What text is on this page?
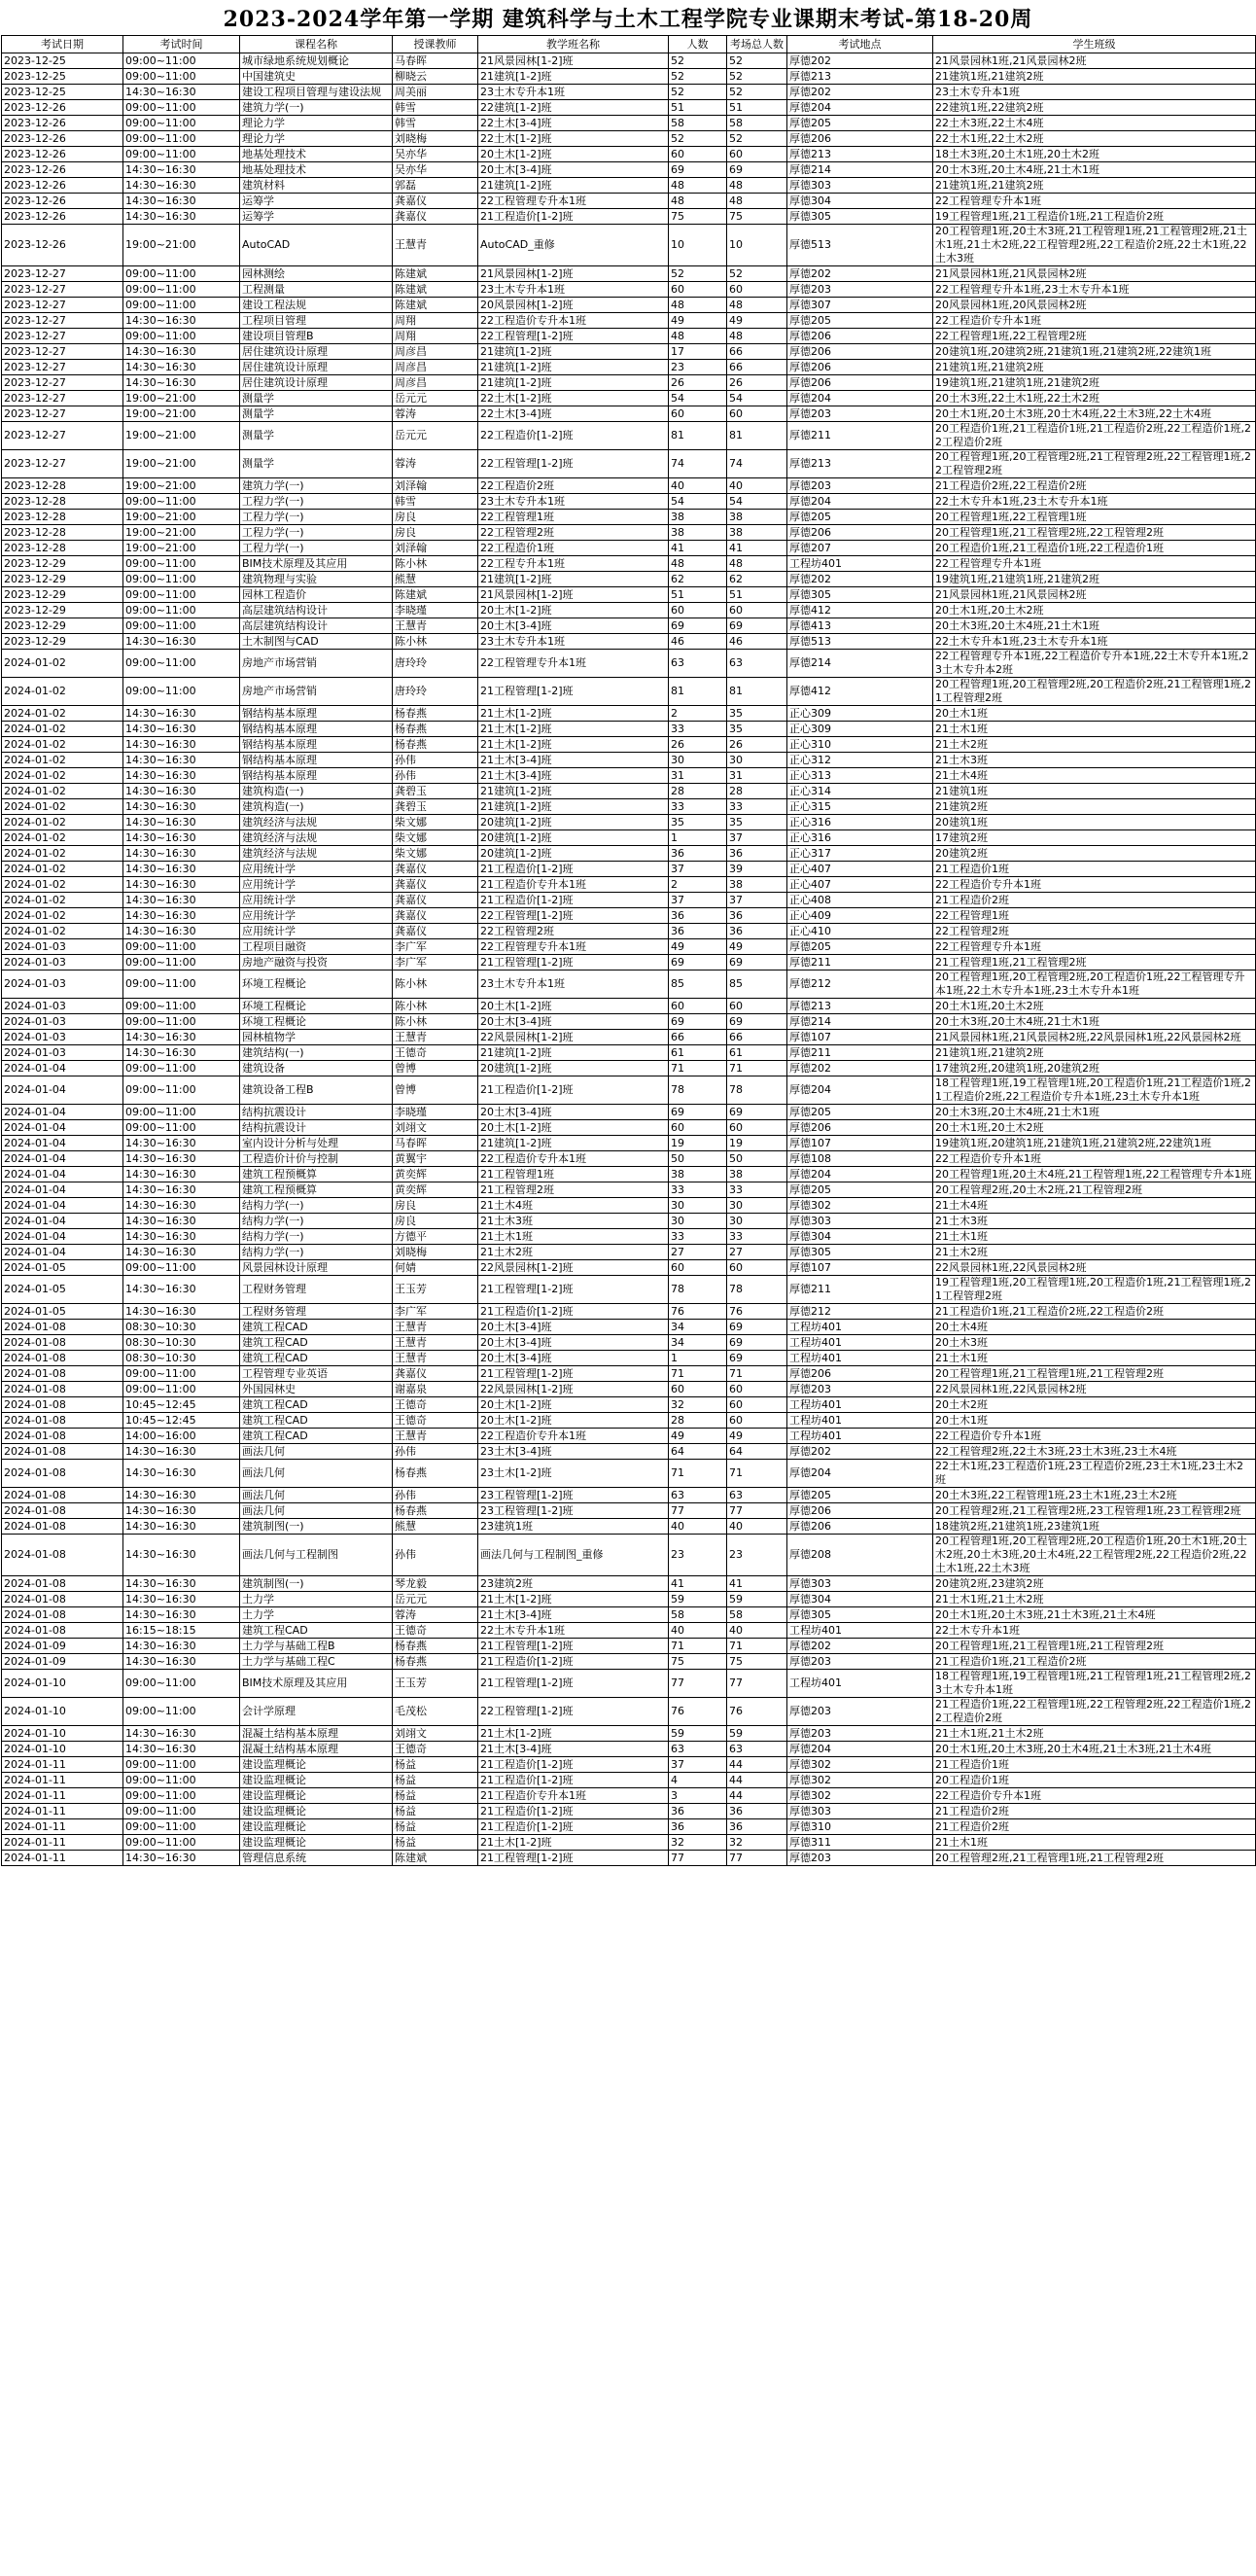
2023-2024学年第一学期 建筑科学与土木工程学院专业课期末考试-第18-20周
考试日期	考试时间	课程名称	授课教师	教学班名称	人数	考场总人数	考试地点	学生班级
2023-12-25	09:00~11:00	城市绿地系统规划概论	马春晖	21风景园林[1-2]班	52	52	厚德202	21风景园林1班,21风景园林2班
2023-12-25	09:00~11:00	中国建筑史	柳晓云	21建筑[1-2]班	52	52	厚德213	21建筑1班,21建筑2班
2023-12-25	14:30~16:30	建设工程项目管理与建设法规	周美丽	23土木专升本1班	52	52	厚德202	23土木专升本1班
2023-12-26	09:00~11:00	建筑力学(一)	韩雪	22建筑[1-2]班	51	51	厚德204	22建筑1班,22建筑2班
2023-12-26	09:00~11:00	理论力学	韩雪	22土木[3-4]班	58	58	厚德205	22土木3班,22土木4班
2023-12-26	09:00~11:00	理论力学	刘晓梅	22土木[1-2]班	52	52	厚德206	22土木1班,22土木2班
2023-12-26	09:00~11:00	地基处理技术	吴亦华	20土木[1-2]班	60	60	厚德213	18土木3班,20土木1班,20土木2班
2023-12-26	14:30~16:30	地基处理技术	吴亦华	20土木[3-4]班	69	69	厚德214	20土木3班,20土木4班,21土木1班
2023-12-26	14:30~16:30	建筑材料	郭磊	21建筑[1-2]班	48	48	厚德303	21建筑1班,21建筑2班
2023-12-26	14:30~16:30	运筹学	龚嘉仪	22工程管理专升本1班	48	48	厚德304	22工程管理专升本1班
2023-12-26	14:30~16:30	运筹学	龚嘉仪	21工程造价[1-2]班	75	75	厚德305	19工程管理1班,21工程造价1班,21工程造价2班
2023-12-26	19:00~21:00	AutoCAD	王慧青	AutoCAD_重修	10	10	厚德513	20工程管理1班,20土木3班,21工程管理1班,21工程管理2班,21土木1班,21土木2班,22工程管理2班,22工程造价2班,22土木1班,22土木3班
2023-12-27	09:00~11:00	园林测绘	陈建斌	21风景园林[1-2]班	52	52	厚德202	21风景园林1班,21风景园林2班
2023-12-27	09:00~11:00	工程测量	陈建斌	23土木专升本1班	60	60	厚德203	22工程管理专升本1班,23土木专升本1班
2023-12-27	09:00~11:00	建设工程法规	陈建斌	20风景园林[1-2]班	48	48	厚德307	20风景园林1班,20风景园林2班
2023-12-27	14:30~16:30	工程项目管理	周翔	22工程造价专升本1班	49	49	厚德205	22工程造价专升本1班
2023-12-27	09:00~11:00	建设项目管理B	周翔	22工程管理[1-2]班	48	48	厚德206	22工程管理1班,22工程管理2班
2023-12-27	14:30~16:30	居住建筑设计原理	周彦昌	21建筑[1-2]班	17	66	厚德206	20建筑1班,20建筑2班,21建筑1班,21建筑2班,22建筑1班
2023-12-27	14:30~16:30	居住建筑设计原理	周彦昌	21建筑[1-2]班	23	66	厚德206	21建筑1班,21建筑2班
2023-12-27	14:30~16:30	居住建筑设计原理	周彦昌	21建筑[1-2]班	26	26	厚德206	19建筑1班,21建筑1班,21建筑2班
2023-12-27	19:00~21:00	测量学	岳元元	22土木[1-2]班	54	54	厚德204	20土木3班,22土木1班,22土木2班
2023-12-27	19:00~21:00	测量学	蓉涛	22土木[3-4]班	60	60	厚德203	20土木1班,20土木3班,20土木4班,22土木3班,22土木4班
2023-12-27	19:00~21:00	测量学	岳元元	22工程造价[1-2]班	81	81	厚德211	20工程造价1班,21工程造价1班,21工程造价2班,22工程造价1班,22工程造价2班
2023-12-27	19:00~21:00	测量学	蓉涛	22工程管理[1-2]班	74	74	厚德213	20工程管理1班,20工程管理2班,21工程管理2班,22工程管理1班,22工程管理2班
2023-12-28	19:00~21:00	建筑力学(一)	刘泽翰	22工程造价2班	40	40	厚德203	21工程造价2班,22工程造价2班
2023-12-28	09:00~11:00	工程力学(一)	韩雪	23土木专升本1班	54	54	厚德204	22土木专升本1班,23土木专升本1班
2023-12-28	19:00~21:00	工程力学(一)	房良	22工程管理1班	38	38	厚德205	20工程管理1班,22工程管理1班
2023-12-28	19:00~21:00	工程力学(一)	房良	22工程管理2班	38	38	厚德206	20工程管理1班,21工程管理2班,22工程管理2班
2023-12-28	19:00~21:00	工程力学(一)	刘泽翰	22工程造价1班	41	41	厚德207	20工程造价1班,21工程造价1班,22工程造价1班
2023-12-29	09:00~11:00	BIM技术原理及其应用	陈小林	22工程专升本1班	48	48	工程坊401	22工程管理专升本1班
2023-12-29	09:00~11:00	建筑物理与实验	熊慧	21建筑[1-2]班	62	62	厚德202	19建筑1班,21建筑1班,21建筑2班
2023-12-29	09:00~11:00	园林工程造价	陈建斌	21风景园林[1-2]班	51	51	厚德305	21风景园林1班,21风景园林2班
2023-12-29	09:00~11:00	高层建筑结构设计	李晓瑾	20土木[1-2]班	60	60	厚德412	20土木1班,20土木2班
2023-12-29	09:00~11:00	高层建筑结构设计	王慧青	20土木[3-4]班	69	69	厚德413	20土木3班,20土木4班,21土木1班
2023-12-29	14:30~16:30	土木制图与CAD	陈小林	23土木专升本1班	46	46	厚德513	22土木专升本1班,23土木专升本1班
2024-01-02	09:00~11:00	房地产市场营销	唐玲玲	22工程管理专升本1班	63	63	厚德214	22工程管理专升本1班,22工程造价专升本1班,22土木专升本1班,23土木专升本2班
2024-01-02	09:00~11:00	房地产市场营销	唐玲玲	21工程管理[1-2]班	81	81	厚德412	20工程管理1班,20工程管理2班,20工程造价2班,21工程管理1班,21工程管理2班
2024-01-02	14:30~16:30	钢结构基本原理	杨春燕	21土木[1-2]班	2	35	正心309	20土木1班
2024-01-02	14:30~16:30	钢结构基本原理	杨春燕	21土木[1-2]班	33	35	正心309	21土木1班
2024-01-02	14:30~16:30	钢结构基本原理	杨春燕	21土木[1-2]班	26	26	正心310	21土木2班
2024-01-02	14:30~16:30	钢结构基本原理	孙伟	21土木[3-4]班	30	30	正心312	21土木3班
2024-01-02	14:30~16:30	钢结构基本原理	孙伟	21土木[3-4]班	31	31	正心313	21土木4班
2024-01-02	14:30~16:30	建筑构造(一)	龚碧玉	21建筑[1-2]班	28	28	正心314	21建筑1班
2024-01-02	14:30~16:30	建筑构造(一)	龚碧玉	21建筑[1-2]班	33	33	正心315	21建筑2班
2024-01-02	14:30~16:30	建筑经济与法规	柴文娜	20建筑[1-2]班	35	35	正心316	20建筑1班
2024-01-02	14:30~16:30	建筑经济与法规	柴文娜	20建筑[1-2]班	1	37	正心316	17建筑2班
2024-01-02	14:30~16:30	建筑经济与法规	柴文娜	20建筑[1-2]班	36	36	正心317	20建筑2班
2024-01-02	14:30~16:30	应用统计学	龚嘉仪	21工程造价[1-2]班	37	39	正心407	21工程造价1班
2024-01-02	14:30~16:30	应用统计学	龚嘉仪	21工程造价专升本1班	2	38	正心407	22工程造价专升本1班
2024-01-02	14:30~16:30	应用统计学	龚嘉仪	21工程造价[1-2]班	37	37	正心408	21工程造价2班
2024-01-02	14:30~16:30	应用统计学	龚嘉仪	22工程管理[1-2]班	36	36	正心409	22工程管理1班
2024-01-02	14:30~16:30	应用统计学	龚嘉仪	22工程管理2班	36	36	正心410	22工程管理2班
2024-01-03	09:00~11:00	工程项目融资	李广军	22工程管理专升本1班	49	49	厚德205	22工程管理专升本1班
2024-01-03	09:00~11:00	房地产融资与投资	李广军	21工程管理[1-2]班	69	69	厚德211	21工程管理1班,21工程管理2班
2024-01-03	09:00~11:00	环境工程概论	陈小林	23土木专升本1班	85	85	厚德212	20工程管理1班,20工程管理2班,20工程造价1班,22工程管理专升本1班,22土木专升本1班,23土木专升本1班
2024-01-03	09:00~11:00	环境工程概论	陈小林	20土木[1-2]班	60	60	厚德213	20土木1班,20土木2班
2024-01-03	09:00~11:00	环境工程概论	陈小林	20土木[3-4]班	69	69	厚德214	20土木3班,20土木4班,21土木1班
2024-01-03	14:30~16:30	园林植物学	王慧青	22风景园林[1-2]班	66	66	厚德107	21风景园林1班,21风景园林2班,22风景园林1班,22风景园林2班
2024-01-03	14:30~16:30	建筑结构(一)	王德奇	21建筑[1-2]班	61	61	厚德211	21建筑1班,21建筑2班
2024-01-04	09:00~11:00	建筑设备	曾博	20建筑[1-2]班	71	71	厚德202	17建筑2班,20建筑1班,20建筑2班
2024-01-04	09:00~11:00	建筑设备工程B	曾博	21工程造价[1-2]班	78	78	厚德204	18工程管理1班,19工程管理1班,20工程造价1班,21工程造价1班,21工程造价2班,22工程造价专升本1班,23土木专升本1班
2024-01-04	09:00~11:00	结构抗震设计	李晓瑾	20土木[3-4]班	69	69	厚德205	20土木3班,20土木4班,21土木1班
2024-01-04	09:00~11:00	结构抗震设计	刘翊文	20土木[1-2]班	60	60	厚德206	20土木1班,20土木2班
2024-01-04	14:30~16:30	室内设计分析与处理	马春晖	21建筑[1-2]班	19	19	厚德107	19建筑1班,20建筑1班,21建筑1班,21建筑2班,22建筑1班
2024-01-04	14:30~16:30	工程造价计价与控制	黄翼宇	22工程造价专升本1班	50	50	厚德108	22工程造价专升本1班
2024-01-04	14:30~16:30	建筑工程预概算	黄奕辉	21工程管理1班	38	38	厚德204	20工程管理1班,20土木4班,21工程管理1班,22工程管理专升本1班
2024-01-04	14:30~16:30	建筑工程预概算	黄奕辉	21工程管理2班	33	33	厚德205	20工程管理2班,20土木2班,21工程管理2班
2024-01-04	14:30~16:30	结构力学(一)	房良	21土木4班	30	30	厚德302	21土木4班
2024-01-04	14:30~16:30	结构力学(一)	房良	21土木3班	30	30	厚德303	21土木3班
2024-01-04	14:30~16:30	结构力学(一)	方德平	21土木1班	33	33	厚德304	21土木1班
2024-01-04	14:30~16:30	结构力学(一)	刘晓梅	21土木2班	27	27	厚德305	21土木2班
2024-01-05	09:00~11:00	风景园林设计原理	何婧	22风景园林[1-2]班	60	60	厚德107	22风景园林1班,22风景园林2班
2024-01-05	14:30~16:30	工程财务管理	王玉芳	21工程管理[1-2]班	78	78	厚德211	19工程管理1班,20工程管理1班,20工程造价1班,21工程管理1班,21工程管理2班
2024-01-05	14:30~16:30	工程财务管理	李广军	21工程造价[1-2]班	76	76	厚德212	21工程造价1班,21工程造价2班,22工程造价2班
2024-01-08	08:30~10:30	建筑工程CAD	王慧青	20土木[3-4]班	34	69	工程坊401	20土木4班
2024-01-08	08:30~10:30	建筑工程CAD	王慧青	20土木[3-4]班	34	69	工程坊401	20土木3班
2024-01-08	08:30~10:30	建筑工程CAD	王慧青	20土木[3-4]班	1	69	工程坊401	21土木1班
2024-01-08	09:00~11:00	工程管理专业英语	龚嘉仪	21工程管理[1-2]班	71	71	厚德206	20工程管理1班,21工程管理1班,21工程管理2班
2024-01-08	09:00~11:00	外国园林史	谢嘉泉	22风景园林[1-2]班	60	60	厚德203	22风景园林1班,22风景园林2班
2024-01-08	10:45~12:45	建筑工程CAD	王德奇	20土木[1-2]班	32	60	工程坊401	20土木2班
2024-01-08	10:45~12:45	建筑工程CAD	王德奇	20土木[1-2]班	28	60	工程坊401	20土木1班
2024-01-08	14:00~16:00	建筑工程CAD	王慧青	22工程造价专升本1班	49	49	工程坊401	22工程造价专升本1班
2024-01-08	14:30~16:30	画法几何	孙伟	23土木[3-4]班	64	64	厚德202	22工程管理2班,22土木3班,23土木3班,23土木4班
2024-01-08	14:30~16:30	画法几何	杨春燕	23土木[1-2]班	71	71	厚德204	22土木1班,23工程造价1班,23工程造价2班,23土木1班,23土木2班
2024-01-08	14:30~16:30	画法几何	孙伟	23工程管理[1-2]班	63	63	厚德205	20土木3班,22工程管理1班,23土木1班,23土木2班
2024-01-08	14:30~16:30	画法几何	杨春燕	23工程管理[1-2]班	77	77	厚德206	20工程管理2班,21工程管理2班,23工程管理1班,23工程管理2班
2024-01-08	14:30~16:30	建筑制图(一)	熊慧	23建筑1班	40	40	厚德206	18建筑2班,21建筑1班,23建筑1班
2024-01-08	14:30~16:30	画法几何与工程制图	孙伟	画法几何与工程制图_重修	23	23	厚德208	20工程管理1班,20工程管理2班,20工程造价1班,20土木1班,20土木2班,20土木3班,20土木4班,22工程管理2班,22工程造价2班,22土木1班,22土木3班
2024-01-08	14:30~16:30	建筑制图(一)	琴龙毅	23建筑2班	41	41	厚德303	20建筑2班,23建筑2班
2024-01-08	14:30~16:30	土力学	岳元元	21土木[1-2]班	59	59	厚德304	21土木1班,21土木2班
2024-01-08	14:30~16:30	土力学	蓉涛	21土木[3-4]班	58	58	厚德305	20土木1班,20土木3班,21土木3班,21土木4班
2024-01-08	16:15~18:15	建筑工程CAD	王德奇	22土木专升本1班	40	40	工程坊401	22土木专升本1班
2024-01-09	14:30~16:30	土力学与基础工程B	杨春燕	21工程管理[1-2]班	71	71	厚德202	20工程管理1班,21工程管理1班,21工程管理2班
2024-01-09	14:30~16:30	土力学与基础工程C	杨春燕	21工程造价[1-2]班	75	75	厚德203	21工程造价1班,21工程造价2班
2024-01-10	09:00~11:00	BIM技术原理及其应用	王玉芳	21工程管理[1-2]班	77	77	工程坊401	18工程管理1班,19工程管理1班,21工程管理1班,21工程管理2班,23土木专升本1班
2024-01-10	09:00~11:00	会计学原理	毛茂松	22工程管理[1-2]班	76	76	厚德203	21工程造价1班,22工程管理1班,22工程管理2班,22工程造价1班,22工程造价2班
2024-01-10	14:30~16:30	混凝土结构基本原理	刘翊文	21土木[1-2]班	59	59	厚德203	21土木1班,21土木2班
2024-01-10	14:30~16:30	混凝土结构基本原理	王德奇	21土木[3-4]班	63	63	厚德204	20土木1班,20土木3班,20土木4班,21土木3班,21土木4班
2024-01-11	09:00~11:00	建设监理概论	杨益	21工程造价[1-2]班	37	44	厚德302	21工程造价1班
2024-01-11	09:00~11:00	建设监理概论	杨益	21工程造价[1-2]班	4	44	厚德302	20工程造价1班
2024-01-11	09:00~11:00	建设监理概论	杨益	21工程造价专升本1班	3	44	厚德302	22工程造价专升本1班
2024-01-11	09:00~11:00	建设监理概论	杨益	21工程造价[1-2]班	36	36	厚德303	21工程造价2班
2024-01-11	09:00~11:00	建设监理概论	杨益	21工程造价[1-2]班	36	36	厚德310	21工程造价2班
2024-01-11	09:00~11:00	建设监理概论	杨益	21土木[1-2]班	32	32	厚德311	21土木1班
2024-01-11	14:30~16:30	管理信息系统	陈建斌	21工程管理[1-2]班	77	77	厚德203	20工程管理2班,21工程管理1班,21工程管理2班
